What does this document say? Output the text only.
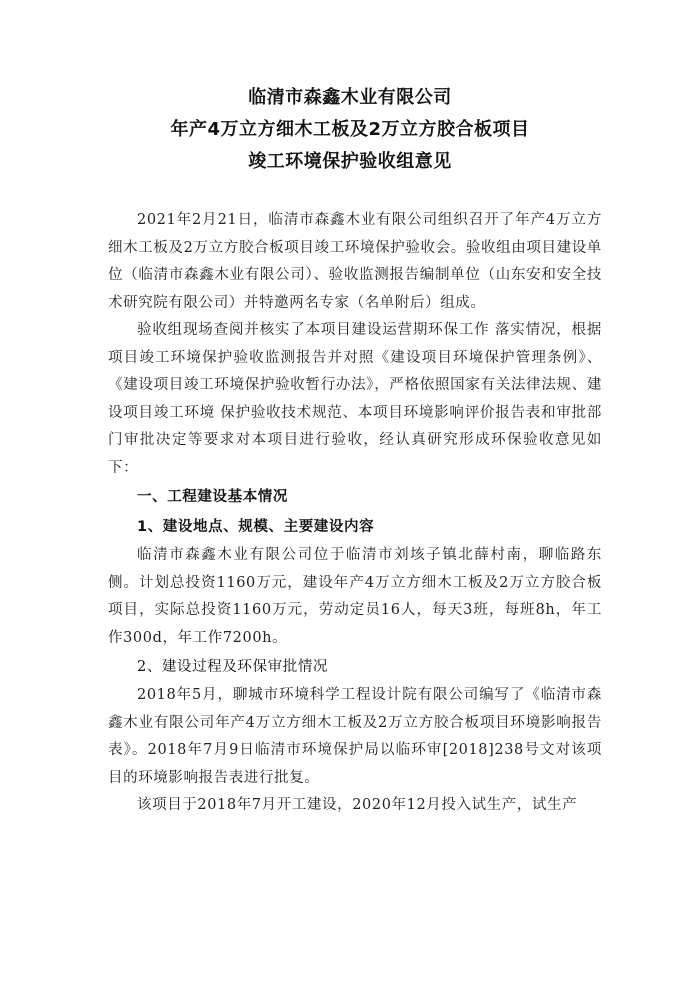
临清市森鑫木业有限公司
年产4万立方细木工板及2万立方胶合板项目
竣工环境保护验收组意见

2021年2月21日，临清市森鑫木业有限公司组织召开了年产4万立方细木工板及2万立方胶合板项目竣工环境保护验收会。验收组由项目建设单位（临清市森鑫木业有限公司）、验收监测报告编制单位（山东安和安全技术研究院有限公司）并特邀两名专家（名单附后）组成。

验收组现场查阅并核实了本项目建设运营期环保工作 落实情况，根据项目竣工环境保护验收监测报告并对照《建设项目环境保护管理条例》、《建设项目竣工环境保护验收暂行办法》，严格依照国家有关法律法规、建设项目竣工环境 保护验收技术规范、本项目环境影响评价报告表和审批部门审批决定等要求对本项目进行验收，经认真研究形成环保验收意见如下：

一、工程建设基本情况

1、建设地点、规模、主要建设内容

临清市森鑫木业有限公司位于临清市刘垓子镇北薛村南，聊临路东侧。计划总投资1160万元，建设年产4万立方细木工板及2万立方胶合板项目，实际总投资1160万元，劳动定员16人，每天3班，每班8h，年工作300d，年工作7200h。

2、建设过程及环保审批情况

2018年5月，聊城市环境科学工程设计院有限公司编写了《临清市森鑫木业有限公司年产4万立方细木工板及2万立方胶合板项目环境影响报告表》。2018年7月9日临清市环境保护局以临环审[2018]238号文对该项目的环境影响报告表进行批复。

该项目于2018年7月开工建设，2020年12月投入试生产，试生产
